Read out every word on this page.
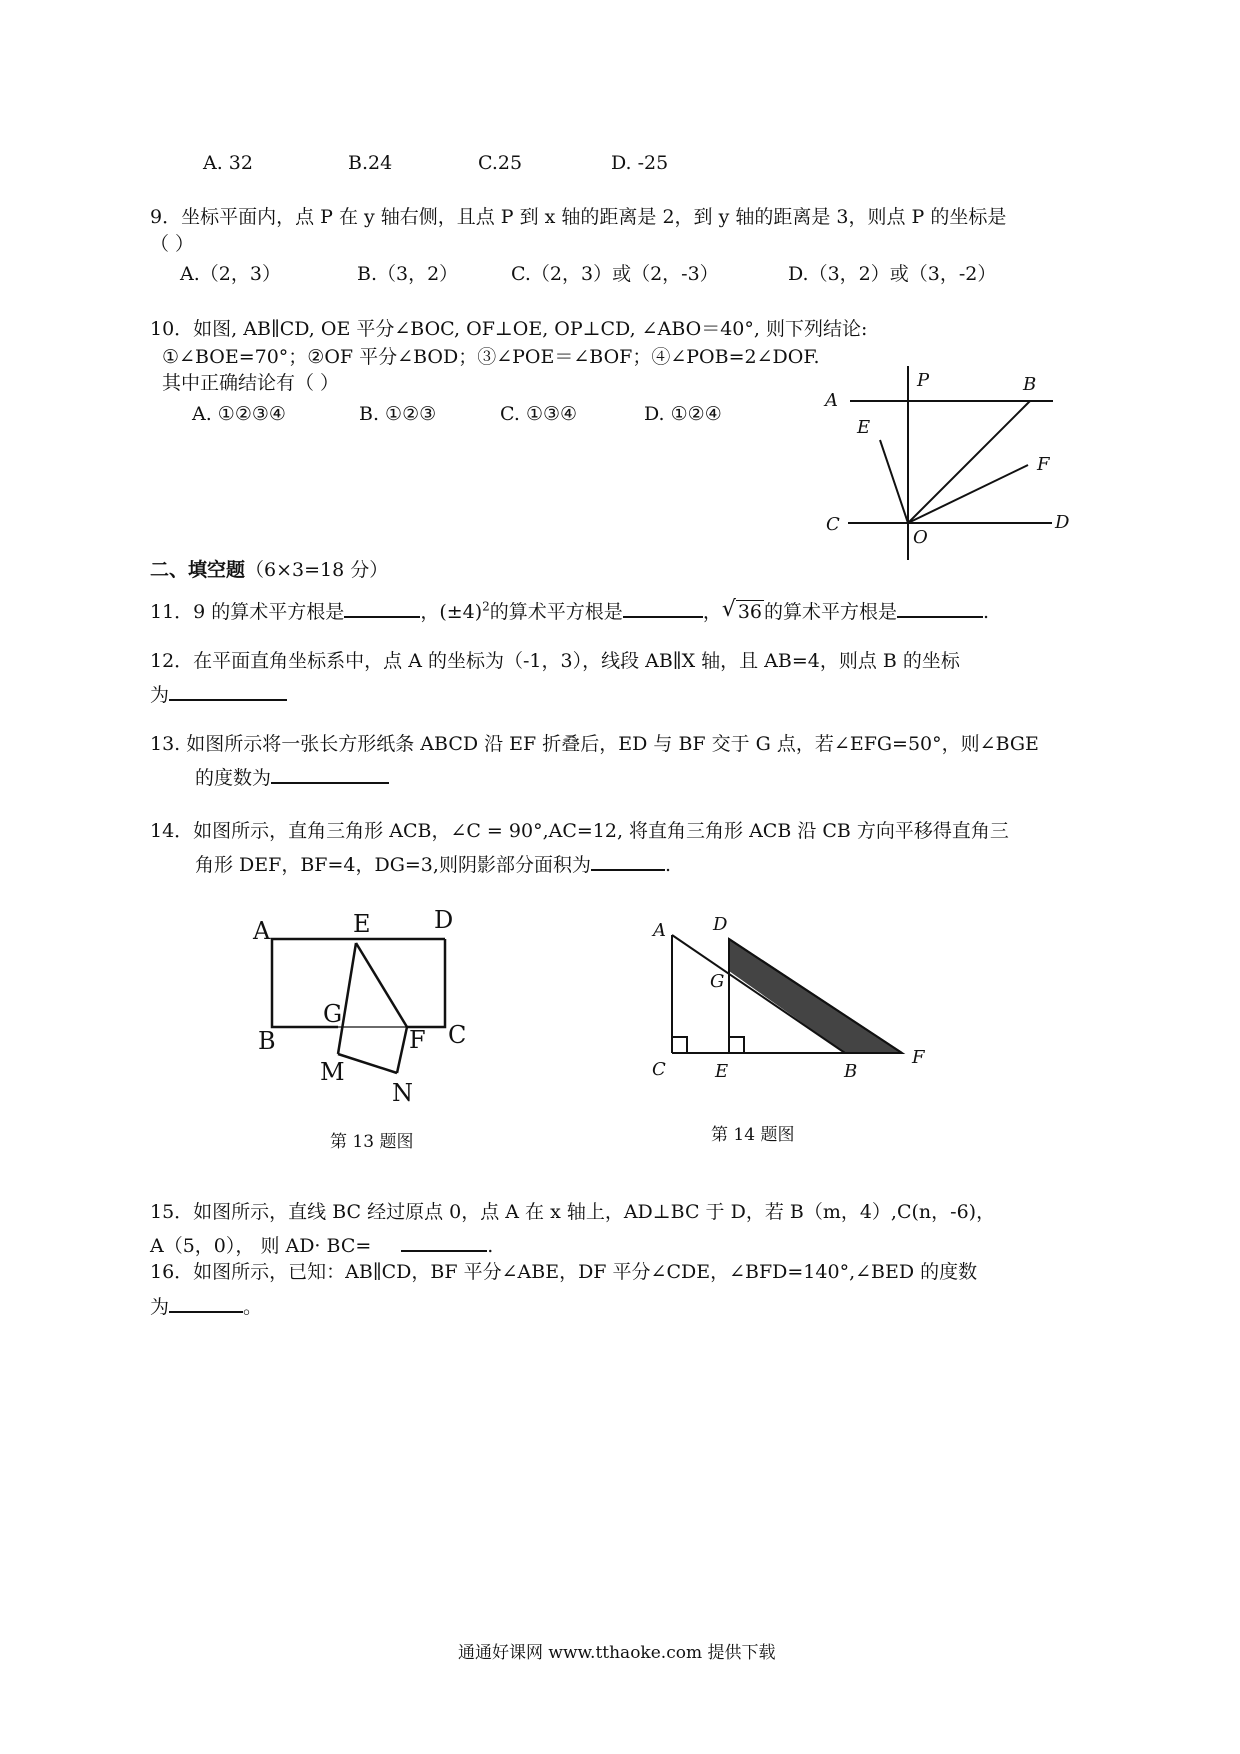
A. 32	B.24	C.25	D. -25
9．坐标平面内，点 P 在 y 轴右侧，且点 P 到 x 轴的距离是 2，到 y 轴的距离是 3，则点 P 的坐标是
（ ）
A.（2，3）	B.（3，2）	C.（2，3）或（2，-3）	D.（3，2）或（3，-2）
10．如图, AB∥CD, OE 平分∠BOC, OF⊥OE, OP⊥CD, ∠ABO＝40°, 则下列结论:
①∠BOE=70°；②OF 平分∠BOD；③∠POE＝∠BOF；④∠POB=2∠DOF.
其中正确结论有（ ）
A. ①②③④	B. ①②③	C. ①③④	D. ①②④
A
P	B
E
F
C
O
D
二、填空题（6×3=18 分）
11．9 的算术平方根是	，$(\pm 4)^2$的算术平方根是	， √ 36 的算术平方根是	.
12．在平面直角坐标系中，点 A 的坐标为（-1，3），线段 AB∥X 轴，且 AB=4，则点 B 的坐标
为
13. 如图所示将一张长方形纸条 ABCD 沿 EF 折叠后，ED 与 BF 交于 G 点，若∠EFG=50°，则∠BGE
的度数为
14．如图所示，直角三角形 ACB，∠C = 90°,AC=12, 将直角三角形 ACB 沿 CB 方向平移得直角三
角形 DEF，BF=4，DG=3,则阴影部分面积为	.
A	E	D
B
G
F C
M
N
第 13 题图
A	D
G
C	E	B
F
第 14 题图
15．如图所示，直线 BC 经过原点 0，点 A 在 x 轴上，AD⊥BC 于 D，若 B（m，4）,C(n，-6)，
A（5，0）， 则 AD· BC=	.
16．如图所示，已知：AB∥CD，BF 平分∠ABE，DF 平分∠CDE，∠BFD=140°,∠BED 的度数
为	。
通通好课网 www.tthaoke.com 提供下载
